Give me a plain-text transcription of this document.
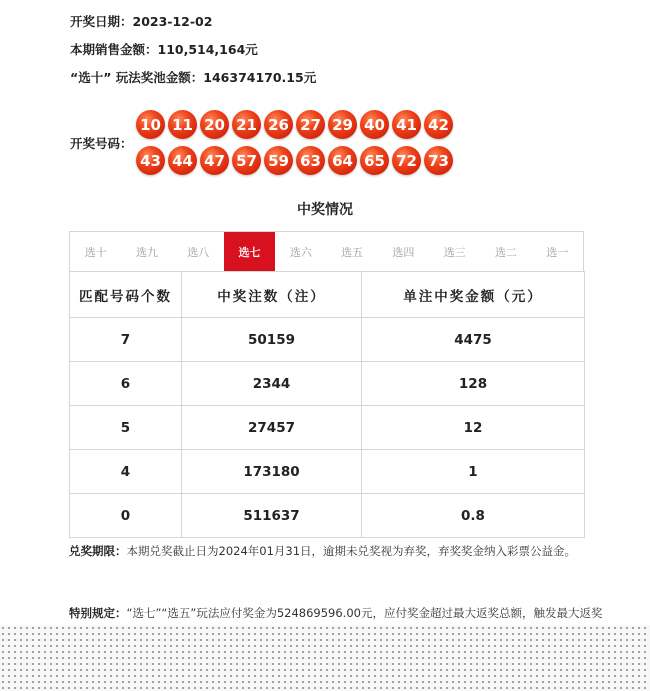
开奖日期：2023-12-02
本期销售金额：110,514,164元
“选十” 玩法奖池金额：146374170.15元
开奖号码：
10 11 20 21 26 27 29 40 41 42
43 44 47 57 59 63 64 65 72 73
中奖情况
选十	选九	选八	选七	选六	选五	选四	选三	选二	选一
匹配号码个数	中奖注数（注）	单注中奖金额（元）
7	50159	4475
6	2344	128
5	27457	12
4	173180	1
0	511637	0.8
兑奖期限：本期兑奖截止日为2024年01月31日，逾期未兑奖视为弃奖，弃奖奖金纳入彩票公益金。
特别规定：“选七”“选五”玩法应付奖金为524869596.00元，应付奖金超过最大返奖总额，触发最大返奖
